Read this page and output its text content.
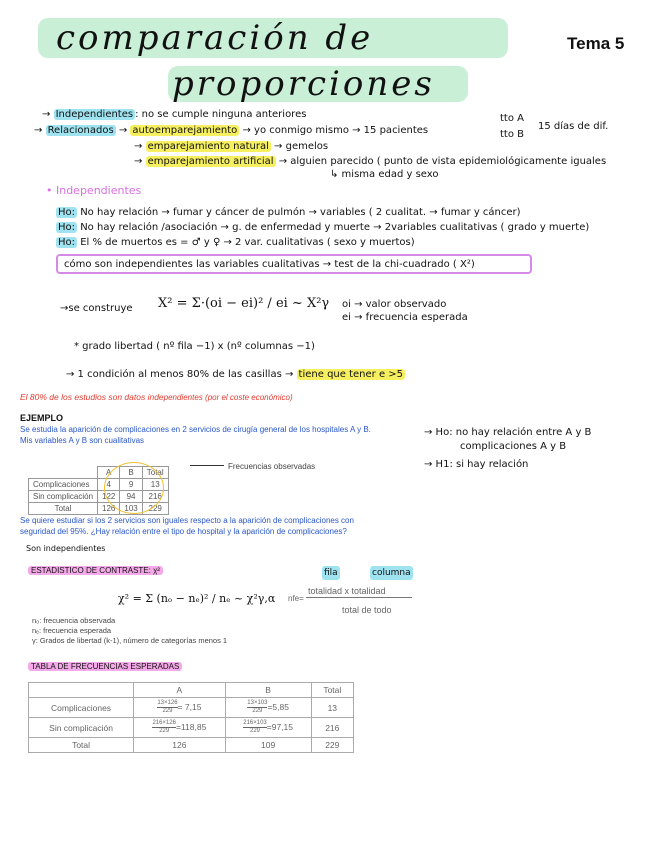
comparación de
proporciones
Tema 5
→ Independientes : no se cumple ninguna anteriores
→ Relacionados → autoemparejamiento → yo conmigo mismo → 15 pacientes
tto A
tto B
15 días de dif.
→ emparejamiento natural → gemelos
→ emparejamiento artificial → alguien parecido ( punto de vista epidemiológicamente iguales
↳ misma edad y sexo
• Independientes
Ho: No hay relación → fumar y cáncer de pulmón → variables ( 2 cualitat. → fumar y cáncer)
Ho: No hay relación /asociación → g. de enfermedad y muerte → 2variables cualitativas ( grado y muerte)
Ho: El % de muertos es = ♂ y ♀ → 2 var. cualitativas ( sexo y muertos)
cómo son independientes las variables cualitativas → test de la chi-cuadrado ( X²)
→se construye X² = Σ·(oi − ei)² / ei ~ X²γ oi → valor observado
ei → frecuencia esperada
* grado libertad ( nº fila −1) x (nº columnas −1)
→ 1 condición al menos 80% de las casillas → tiene que tener e >5
El 80% de los estudios son datos independientes (por el coste económico)
EJEMPLO
Se estudia la aparición de complicaciones en 2 servicios de cirugía general de los hospitales A y B.
Mis variables A y B son cualitativas
→ Ho: no hay relación entre A y B
complicaciones A y B
→ H1: si hay relación
Frecuencias observadas
	A	B	Total
Complicaciones	4	9	13
Sin complicación	122	94	216
Total	126	103	229
Se quiere estudiar si los 2 servicios son iguales respecto a la aparición de complicaciones con
seguridad del 95%. ¿Hay relación entre el tipo de hospital y la aparición de complicaciones?
Son independientes
ESTADISTICO DE CONTRASTE: χ²
χ² = Σ (nₒ − nₑ)² / nₑ ~ χ²γ,α
fila	columna
nfe=
totalidad x totalidad
total de todo
n₀: frecuencia observada
nₑ: frecuencia esperada
γ: Grados de libertad (k-1), número de categorías menos 1
TABLA DE FRECUENCIAS ESPERADAS
	A	B	Total
Complicaciones	$\frac{13\times 126}{229}= 7,15$	$\frac{13\times 103}{229}=5,85$	13
Sin complicación	$\frac{216\times 126}{229}=118,85$	$\frac{216\times 103}{229}=97,15$	216
Total	126	109	229
